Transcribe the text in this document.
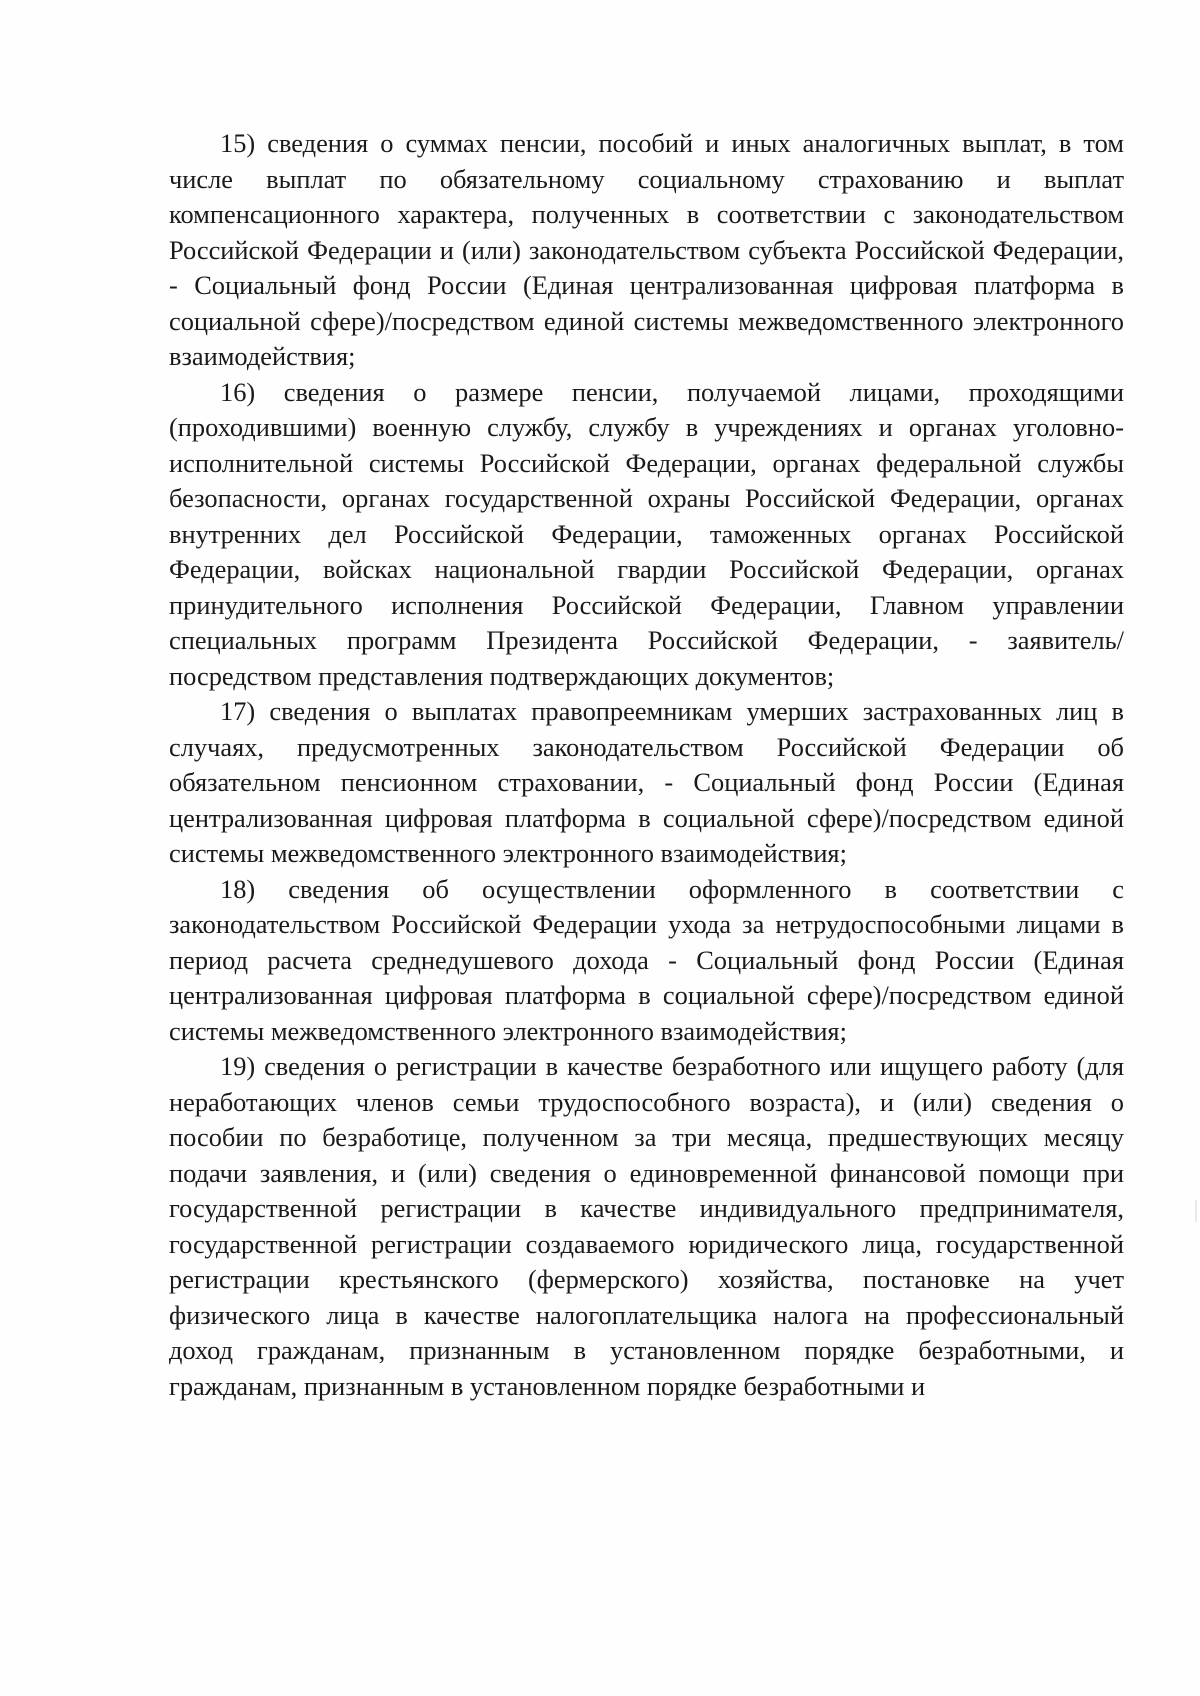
15) сведения о суммах пенсии, пособий и иных аналогичных выплат, в том числе выплат по обязательному социальному страхованию и выплат компенсационного характера, полученных в соответствии с законодательством Российской Федерации и (или) законодательством субъекта Российской Федерации, - Социальный фонд России (Единая централизованная цифровая платформа в социальной сфере)/посредством единой системы межведомственного электронного взаимодействия;

16) сведения о размере пенсии, получаемой лицами, проходящими (проходившими) военную службу, службу в учреждениях и органах уголовно-исполнительной системы Российской Федерации, органах федеральной службы безопасности, органах государственной охраны Российской Федерации, органах внутренних дел Российской Федерации, таможенных органах Российской Федерации, войсках национальной гвардии Российской Федерации, органах принудительного исполнения Российской Федерации, Главном управлении специальных программ Президента Российской Федерации, - заявитель/посредством представления подтверждающих документов;

17) сведения о выплатах правопреемникам умерших застрахованных лиц в случаях, предусмотренных законодательством Российской Федерации об обязательном пенсионном страховании, - Социальный фонд России (Единая централизованная цифровая платформа в социальной сфере)/посредством единой системы межведомственного электронного взаимодействия;

18) сведения об осуществлении оформленного в соответствии с законодательством Российской Федерации ухода за нетрудоспособными лицами в период расчета среднедушевого дохода - Социальный фонд России (Единая централизованная цифровая платформа в социальной сфере)/посредством единой системы межведомственного электронного взаимодействия;

19) сведения о регистрации в качестве безработного или ищущего работу (для неработающих членов семьи трудоспособного возраста), и (или) сведения о пособии по безработице, полученном за три месяца, предшествующих месяцу подачи заявления, и (или) сведения о единовременной финансовой помощи при государственной регистрации в качестве индивидуального предпринимателя, государственной регистрации создаваемого юридического лица, государственной регистрации крестьянского (фермерского) хозяйства, постановке на учет физического лица в качестве налогоплательщика налога на профессиональный доход гражданам, признанным в установленном порядке безработными, и гражданам, признанным в установленном порядке безработными и
